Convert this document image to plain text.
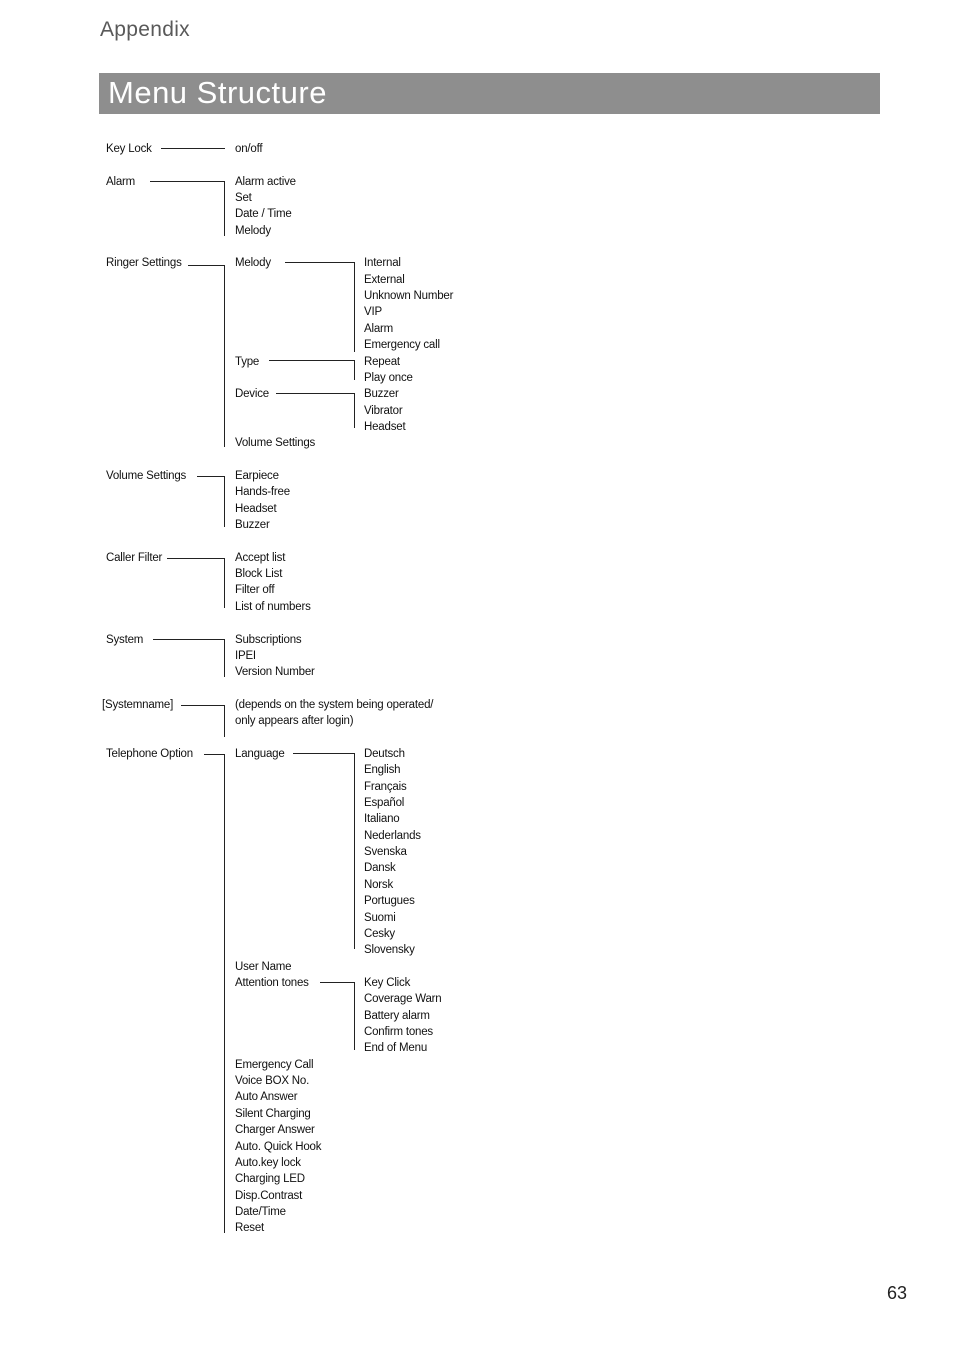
Appendix
Menu Structure
Key Lock	on/off
Alarm	Alarm active
Set
Date / Time
Melody
Ringer Settings	Melody	Internal
External
Unknown Number
VIP
Alarm
Emergency call
Type	Repeat
Play once
Device	Buzzer
Vibrator
Headset
Volume Settings
Volume Settings	Earpiece
Hands-free
Headset
Buzzer
Caller Filter	Accept list
Block List
Filter off
List of numbers
System	Subscriptions
IPEI
Version Number
[Systemname]	(depends on the system being operated/
only appears after login)
Telephone Option	Language	Deutsch
English
Français
Español
Italiano
Nederlands
Svenska
Dansk
Norsk
Portugues
Suomi
Cesky
Slovensky
User Name
Attention tones	Key Click
Coverage Warn
Battery alarm
Confirm tones
End of Menu
Emergency Call
Voice BOX No.
Auto Answer
Silent Charging
Charger Answer
Auto. Quick Hook
Auto.key lock
Charging LED
Disp.Contrast
Date/Time
Reset
63
